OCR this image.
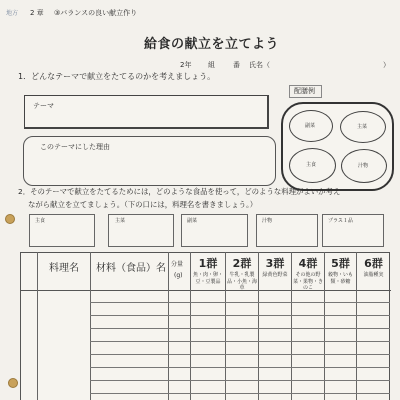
地方 2 章 ③バランスの良い献立作り
給食の献立を立てよう
2年 組	番 氏名（	）
1．どんなテーマで献立をたてるのかを考えましょう。
テーマ
このテーマにした理由
配膳例
副菜	主菜
主食	汁物
2．そのテーマで献立をたてるためには，どのような食品を使って，どのような料理がよいか考え
ながら献立を立てましょう。（下の口には，料理名を書きましょう。）
主食	主菜	副菜	汁物	プラス１品
料理名 材料（食品）名 分量
(g)
1群
魚・肉・卵・豆・豆製品
2群
牛乳・乳製品・小魚・海草
3群
緑黄色野菜
4群
その他の野菜・果物・きのこ
5群
穀物・いも類・砂糖
6群
油脂種実
